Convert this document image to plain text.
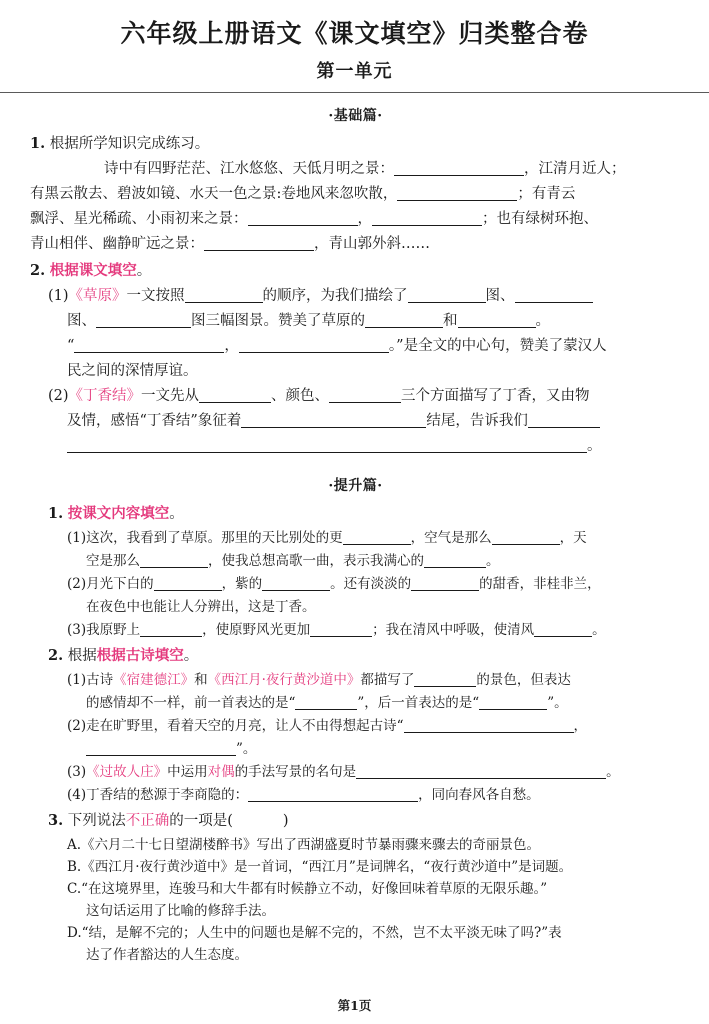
六年级上册语文《课文填空》归类整合卷
第一单元
·基础篇·
1. 根据所学知识完成练习。
诗中有四野茫茫、江水悠悠、天低月明之景：	，江清月近人；
有黑云散去、碧波如镜、水天一色之景:卷地风来忽吹散，	；有青云
飘浮、星光稀疏、小雨初来之景：	，	；也有绿树环抱、
青山相伴、幽静旷远之景：	，青山郭外斜……
2. 根据课文填空。
(1)《草原》一文按照	的顺序，为我们描绘了	图、
图、	图三幅图景。赞美了草原的	和	。
“	，	。”是全文的中心句，赞美了蒙汉人
民之间的深情厚谊。
(2)《丁香结》一文先从	、颜色、	三个方面描写了丁香，又由物
及情，感悟“丁香结”象征着	结尾，告诉我们
。
·提升篇·
1. 按课文内容填空。
(1)这次，我看到了草原。那里的天比别处的更	，空气是那么	，天
空是那么	，使我总想高歌一曲，表示我满心的	。
(2)月光下白的	，紫的	。还有淡淡的	的甜香，非桂非兰，
在夜色中也能让人分辨出，这是丁香。
(3)我原野上	，使原野风光更加	；我在清风中呼吸，使清风	。
2. 根据根据古诗填空。
(1)古诗《宿建德江》和《西江月·夜行黄沙道中》都描写了	的景色，但表达
的感情却不一样，前一首表达的是“	”，后一首表达的是“	”。
(2)走在旷野里，看着天空的月亮，让人不由得想起古诗“	，
”。
(3)《过故人庄》中运用对偶的手法写景的名句是	。
(4)丁香结的愁源于李商隐的：	，同向春风各自愁。
3. 下列说法不正确的一项是(	)
A.《六月二十七日望湖楼醉书》写出了西湖盛夏时节暴雨骤来骤去的奇丽景色。
B.《西江月·夜行黄沙道中》是一首词，“西江月”是词牌名，“夜行黄沙道中”是词题。
C.“在这境界里，连骏马和大牛都有时候静立不动，好像回味着草原的无限乐趣。”
这句话运用了比喻的修辞手法。
D.“结，是解不完的；人生中的问题也是解不完的，不然，岂不太平淡无味了吗?”表
达了作者豁达的人生态度。
第1页
